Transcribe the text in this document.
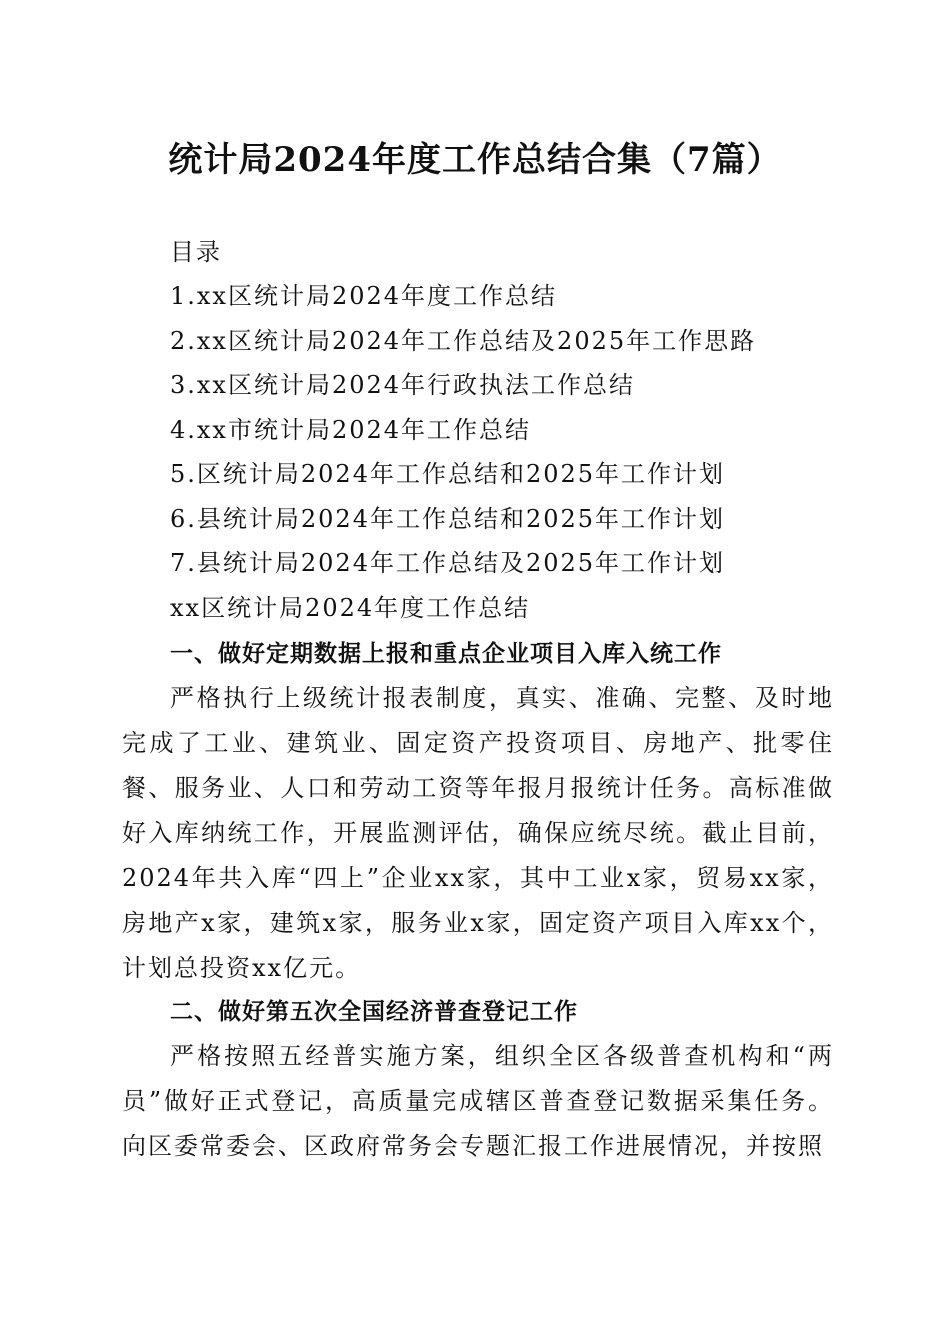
统计局2024年度工作总结合集（7篇）
目录
1.xx区统计局2024年度工作总结
2.xx区统计局2024年工作总结及2025年工作思路
3.xx区统计局2024年行政执法工作总结
4.xx市统计局2024年工作总结
5.区统计局2024年工作总结和2025年工作计划
6.县统计局2024年工作总结和2025年工作计划
7.县统计局2024年工作总结及2025年工作计划
xx区统计局2024年度工作总结
一、做好定期数据上报和重点企业项目入库入统工作

严格执行上级统计报表制度，真实、准确、完整、及时地完成了工业、建筑业、固定资产投资项目、房地产、批零住餐、服务业、人口和劳动工资等年报月报统计任务。高标准做好入库纳统工作，开展监测评估，确保应统尽统。截止目前，2024年共入库“四上”企业xx家，其中工业x家，贸易xx家，房地产x家，建筑x家，服务业x家，固定资产项目入库xx个，计划总投资xx亿元。

二、做好第五次全国经济普查登记工作

严格按照五经普实施方案，组织全区各级普查机构和“两员”做好正式登记，高质量完成辖区普查登记数据采集任务。向区委常委会、区政府常务会专题汇报工作进展情况，并按照
